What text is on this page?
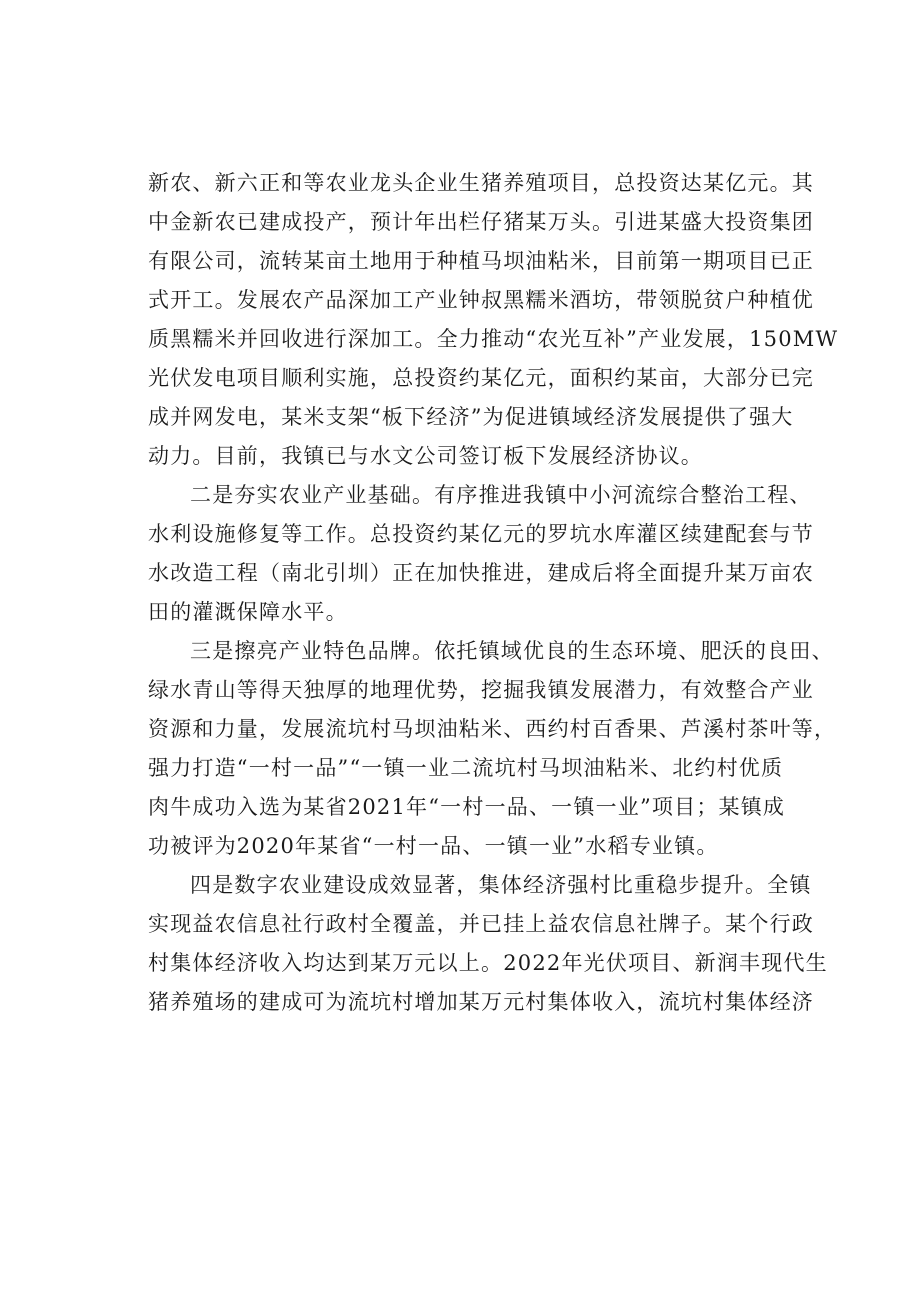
新农、新六正和等农业龙头企业生猪养殖项目，总投资达某亿元。其
中金新农已建成投产，预计年出栏仔猪某万头。引进某盛大投资集团
有限公司，流转某亩土地用于种植马坝油粘米，目前第一期项目已正
式开工。发展农产品深加工产业钟叔黑糯米酒坊，带领脱贫户种植优
质黑糯米并回收进行深加工。全力推动“农光互补”产业发展，150MW
光伏发电项目顺利实施，总投资约某亿元，面积约某亩，大部分已完
成并网发电，某米支架“板下经济”为促进镇域经济发展提供了强大
动力。目前，我镇已与水文公司签订板下发展经济协议。

二是夯实农业产业基础。有序推进我镇中小河流综合整治工程、
水利设施修复等工作。总投资约某亿元的罗坑水库灌区续建配套与节
水改造工程（南北引圳）正在加快推进，建成后将全面提升某万亩农
田的灌溉保障水平。

三是擦亮产业特色品牌。依托镇域优良的生态环境、肥沃的良田、
绿水青山等得天独厚的地理优势，挖掘我镇发展潜力，有效整合产业
资源和力量，发展流坑村马坝油粘米、西约村百香果、芦溪村茶叶等，
强力打造“一村一品”“一镇一业二流坑村马坝油粘米、北约村优质
肉牛成功入选为某省2021年“一村一品、一镇一业”项目；某镇成
功被评为2020年某省“一村一品、一镇一业”水稻专业镇。

四是数字农业建设成效显著，集体经济强村比重稳步提升。全镇
实现益农信息社行政村全覆盖，并已挂上益农信息社牌子。某个行政
村集体经济收入均达到某万元以上。2022年光伏项目、新润丰现代生
猪养殖场的建成可为流坑村增加某万元村集体收入，流坑村集体经济
